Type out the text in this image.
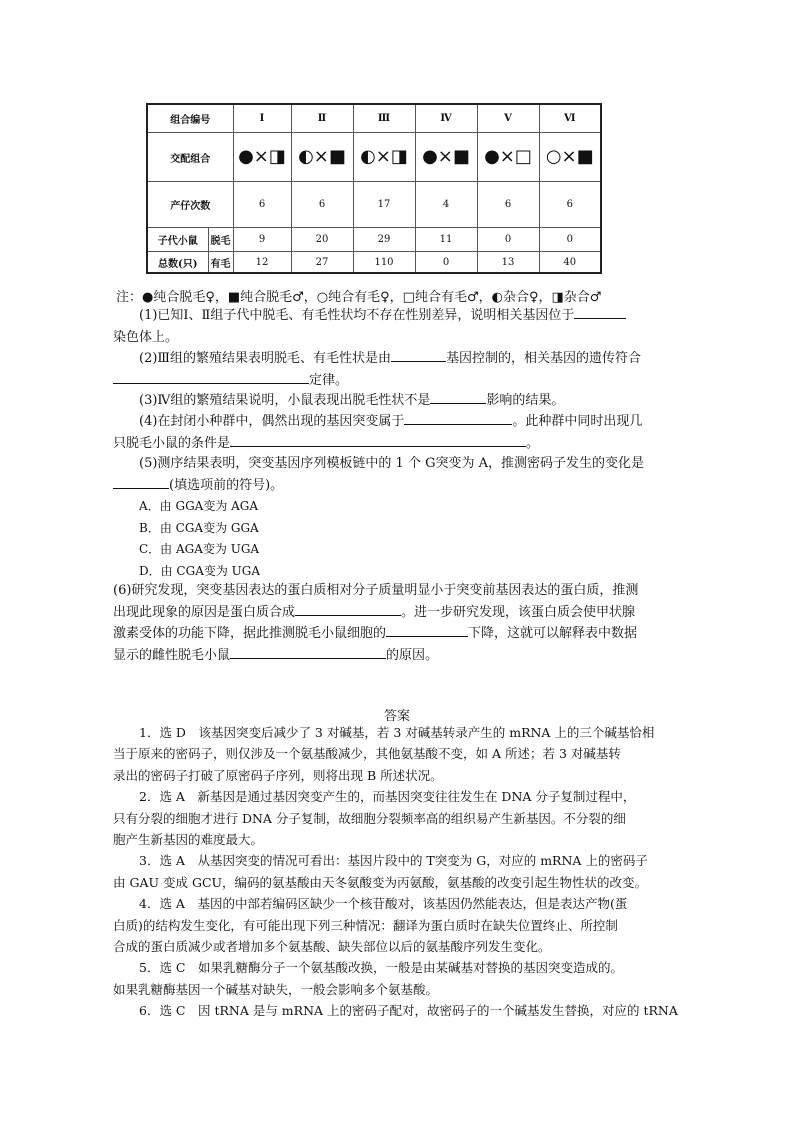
组合编号		Ⅰ	Ⅱ	Ⅲ	Ⅳ	Ⅴ	Ⅵ
交配组合		●×◨	◐×■	◐×◨	●×■	●×□	○×■
产仔次数		6	6	17	4	6	6
子代小鼠	脱毛	9	20	29	11	0	0
总数(只)	有毛	12	27	110	0	13	40
注：●纯合脱毛♀，■纯合脱毛♂，○纯合有毛♀，□纯合有毛♂，◐杂合♀，◨杂合♂
(1)已知Ⅰ、Ⅱ组子代中脱毛、有毛性状均不存在性别差异，说明相关基因位于
染色体上。
(2)Ⅲ组的繁殖结果表明脱毛、有毛性状是由	基因控制的，相关基因的遗传符合
定律。
(3)Ⅳ组的繁殖结果说明，小鼠表现出脱毛性状不是	影响的结果。
(4)在封闭小种群中，偶然出现的基因突变属于	。此种群中同时出现几
只脱毛小鼠的条件是	。
(5)测序结果表明，突变基因序列模板链中的 1 个 G突变为 A，推测密码子发生的变化是
(填选项前的符号)。
A．由 GGA变为 AGA
B．由 CGA变为 GGA
C．由 AGA变为 UGA
D．由 CGA变为 UGA
(6)研究发现，突变基因表达的蛋白质相对分子质量明显小于突变前基因表达的蛋白质，推测
出现此现象的原因是蛋白质合成	。进一步研究发现，该蛋白质会使甲状腺
激素受体的功能下降，据此推测脱毛小鼠细胞的	下降，这就可以解释表中数据
显示的雌性脱毛小鼠	的原因。
答案
1．选 D　该基因突变后减少了 3 对碱基，若 3 对碱基转录产生的 mRNA 上的三个碱基恰相
当于原来的密码子，则仅涉及一个氨基酸减少，其他氨基酸不变，如 A 所述；若 3 对碱基转
录出的密码子打破了原密码子序列，则将出现 B 所述状况。
2．选 A　新基因是通过基因突变产生的，而基因突变往往发生在 DNA 分子复制过程中，
只有分裂的细胞才进行 DNA 分子复制，故细胞分裂频率高的组织易产生新基因。不分裂的细
胞产生新基因的难度最大。
3．选 A　从基因突变的情况可看出：基因片段中的 T突变为 G，对应的 mRNA 上的密码子
由 GAU 变成 GCU，编码的氨基酸由天冬氨酸变为丙氨酸，氨基酸的改变引起生物性状的改变。
4．选 A　基因的中部若编码区缺少一个核苷酸对，该基因仍然能表达，但是表达产物(蛋
白质)的结构发生变化，有可能出现下列三种情况：翻译为蛋白质时在缺失位置终止、所控制
合成的蛋白质减少或者增加多个氨基酸、缺失部位以后的氨基酸序列发生变化。
5．选 C　如果乳糖酶分子一个氨基酸改换，一般是由某碱基对替换的基因突变造成的。
如果乳糖酶基因一个碱基对缺失，一般会影响多个氨基酸。
6．选 C　因 tRNA 是与 mRNA 上的密码子配对，故密码子的一个碱基发生替换，对应的 tRNA
